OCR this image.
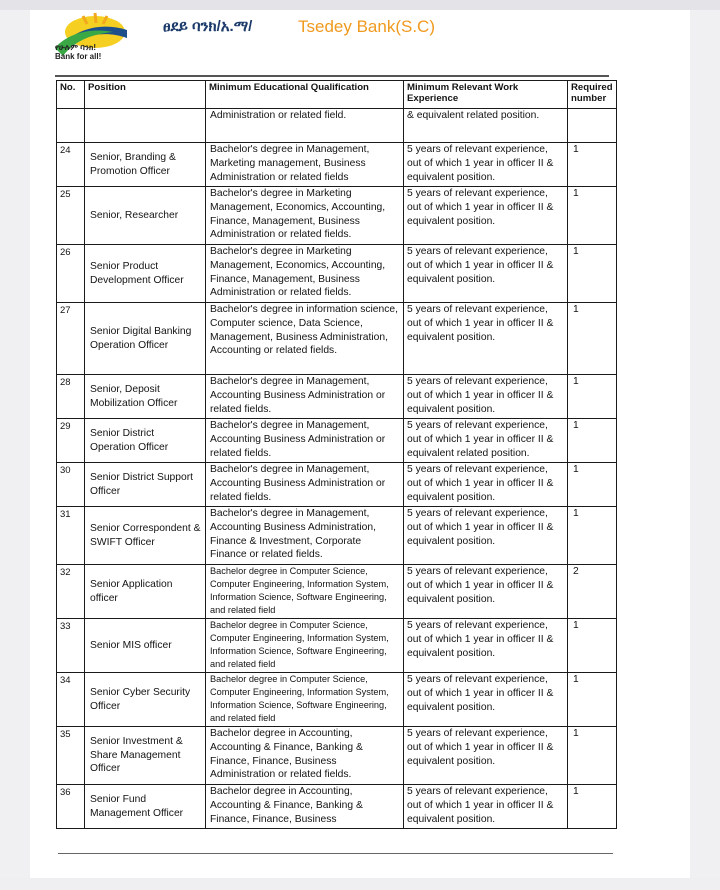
የሁሉም ባንክ!
Bank for all!
ፀደይ ባንክ/አ.ማ/	Tsedey Bank(S.C)
No.	Position	Minimum Educational Qualification	Minimum Relevant Work Experience	Required number
		Administration or related field.	& equivalent related position.	
24	Senior, Branding & Promotion Officer	Bachelor's degree in Management, Marketing management, Business Administration or related fields	5 years of relevant experience, out of which 1 year in officer II & equivalent position.	1
25	Senior, Researcher	Bachelor's degree in Marketing Management, Economics, Accounting, Finance, Management, Business Administration or related fields.	5 years of relevant experience, out of which 1 year in officer II & equivalent position.	1
26	Senior Product Development Officer	Bachelor's degree in Marketing Management, Economics, Accounting, Finance, Management, Business Administration or related fields.	5 years of relevant experience, out of which 1 year in officer II & equivalent position.	1
27	Senior Digital Banking Operation Officer	Bachelor's degree in information science, Computer science, Data Science, Management, Business Administration, Accounting or related fields.	5 years of relevant experience, out of which 1 year in officer II & equivalent position.	1
28	Senior, Deposit Mobilization Officer	Bachelor's degree in Management, Accounting Business Administration or related fields.	5 years of relevant experience, out of which 1 year in officer II & equivalent position.	1
29	Senior District Operation Officer	Bachelor's degree in Management, Accounting Business Administration or related fields.	5 years of relevant experience, out of which 1 year in officer II & equivalent related position.	1
30	Senior District Support Officer	Bachelor's degree in Management, Accounting Business Administration or related fields.	5 years of relevant experience, out of which 1 year in officer II & equivalent position.	1
31	Senior Correspondent & SWIFT Officer	Bachelor's degree in Management, Accounting Business Administration, Finance & Investment, Corporate Finance or related fields.	5 years of relevant experience, out of which 1 year in officer II & equivalent position.	1
32	Senior Application officer	Bachelor degree in Computer Science, Computer Engineering, Information System, Information Science, Software Engineering, and related field	5 years of relevant experience, out of which 1 year in officer II & equivalent position.	2
33	Senior MIS officer	Bachelor degree in Computer Science, Computer Engineering, Information System, Information Science, Software Engineering, and related field	5 years of relevant experience, out of which 1 year in officer II & equivalent position.	1
34	Senior Cyber Security Officer	Bachelor degree in Computer Science, Computer Engineering, Information System, Information Science, Software Engineering, and related field	5 years of relevant experience, out of which 1 year in officer II & equivalent position.	1
35	Senior Investment & Share Management Officer	Bachelor degree in Accounting, Accounting & Finance, Banking & Finance, Finance, Business Administration or related fields.	5 years of relevant experience, out of which 1 year in officer II & equivalent position.	1
36	Senior Fund Management Officer	Bachelor degree in Accounting, Accounting & Finance, Banking & Finance, Finance, Business	5 years of relevant experience, out of which 1 year in officer II & equivalent position.	1
